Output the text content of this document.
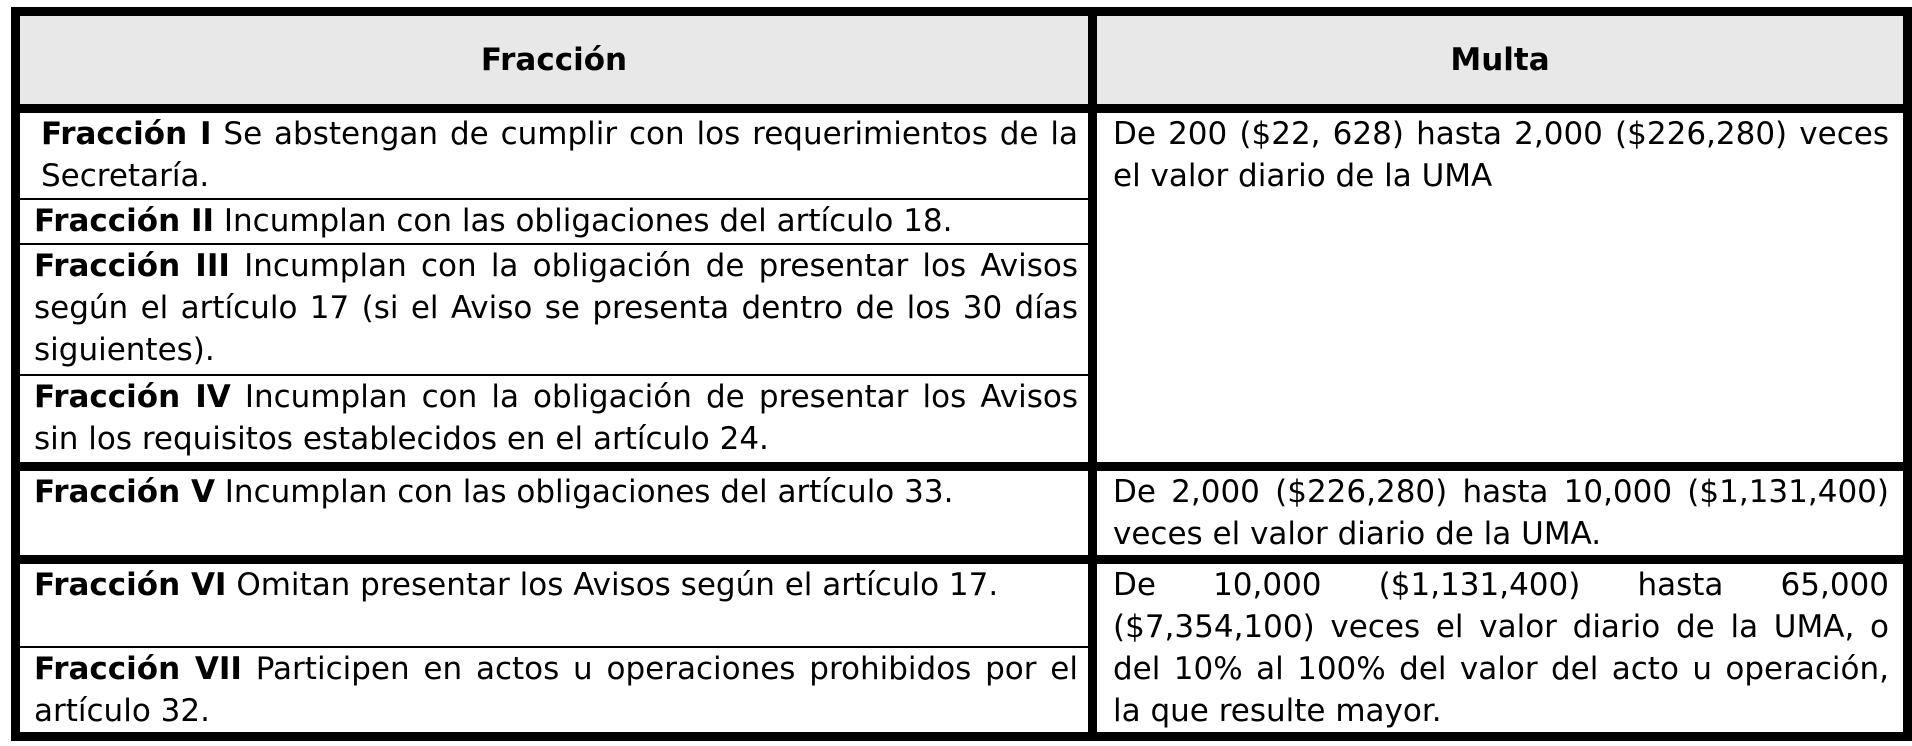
Fracción	Multa
Fracción I Se abstengan de cumplir con los requerimientos de la Secretaría.	De 200 ($22, 628) hasta 2,000 ($226,280) veces el valor diario de la UMA
Fracción II Incumplan con las obligaciones del artículo 18.	
Fracción III Incumplan con la obligación de presentar los Avisos según el artículo 17 (si el Aviso se presenta dentro de los 30 días siguientes).	
Fracción IV Incumplan con la obligación de presentar los Avisos sin los requisitos establecidos en el artículo 24.	
Fracción V Incumplan con las obligaciones del artículo 33.	De 2,000 ($226,280) hasta 10,000 ($1,131,400) veces el valor diario de la UMA.
Fracción VI Omitan presentar los Avisos según el artículo 17.	De 10,000 ($1,131,400) hasta 65,000 ($7,354,100) veces el valor diario de la UMA, o del 10% al 100% del valor del acto u operación, la que resulte mayor.

Fracción VII Participen en actos u operaciones prohibidos por el artículo 32.	
